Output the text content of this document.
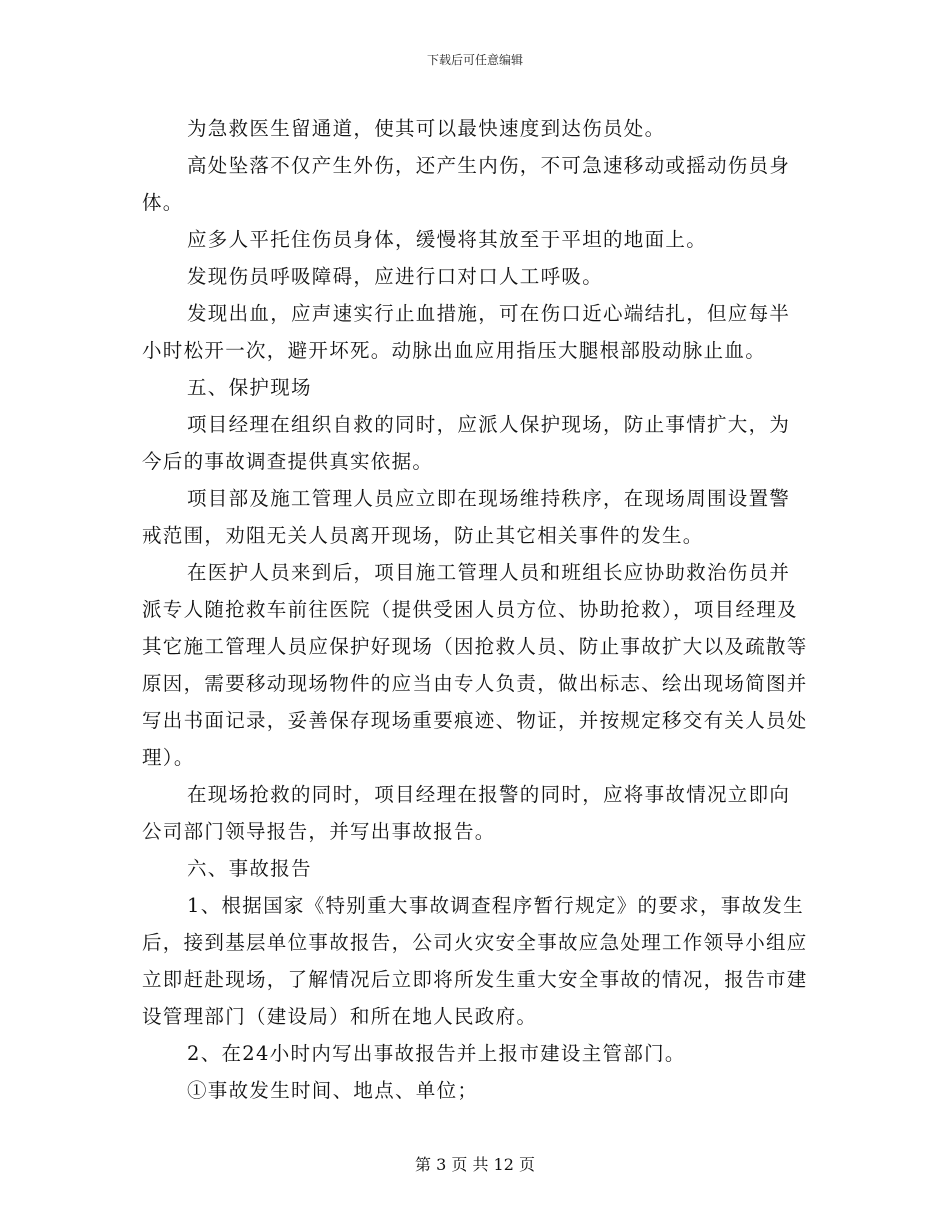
下载后可任意编辑

为急救医生留通道，使其可以最快速度到达伤员处。

高处坠落不仅产生外伤，还产生内伤，不可急速移动或摇动伤员身体。

应多人平托住伤员身体，缓慢将其放至于平坦的地面上。

发现伤员呼吸障碍，应进行口对口人工呼吸。

发现出血，应声速实行止血措施，可在伤口近心端结扎，但应每半小时松开一次，避开坏死。动脉出血应用指压大腿根部股动脉止血。

五、保护现场

项目经理在组织自救的同时，应派人保护现场，防止事情扩大，为今后的事故调查提供真实依据。

项目部及施工管理人员应立即在现场维持秩序，在现场周围设置警戒范围，劝阻无关人员离开现场，防止其它相关事件的发生。

在医护人员来到后，项目施工管理人员和班组长应协助救治伤员并派专人随抢救车前往医院（提供受困人员方位、协助抢救），项目经理及其它施工管理人员应保护好现场（因抢救人员、防止事故扩大以及疏散等原因，需要移动现场物件的应当由专人负责，做出标志、绘出现场简图并写出书面记录，妥善保存现场重要痕迹、物证，并按规定移交有关人员处理）。

在现场抢救的同时，项目经理在报警的同时，应将事故情况立即向公司部门领导报告，并写出事故报告。

六、事故报告

1、根据国家《特别重大事故调查程序暂行规定》的要求，事故发生后，接到基层单位事故报告，公司火灾安全事故应急处理工作领导小组应立即赶赴现场，了解情况后立即将所发生重大安全事故的情况，报告市建设管理部门（建设局）和所在地人民政府。

2、在24小时内写出事故报告并上报市建设主管部门。

①事故发生时间、地点、单位；

第 3 页 共 12 页
